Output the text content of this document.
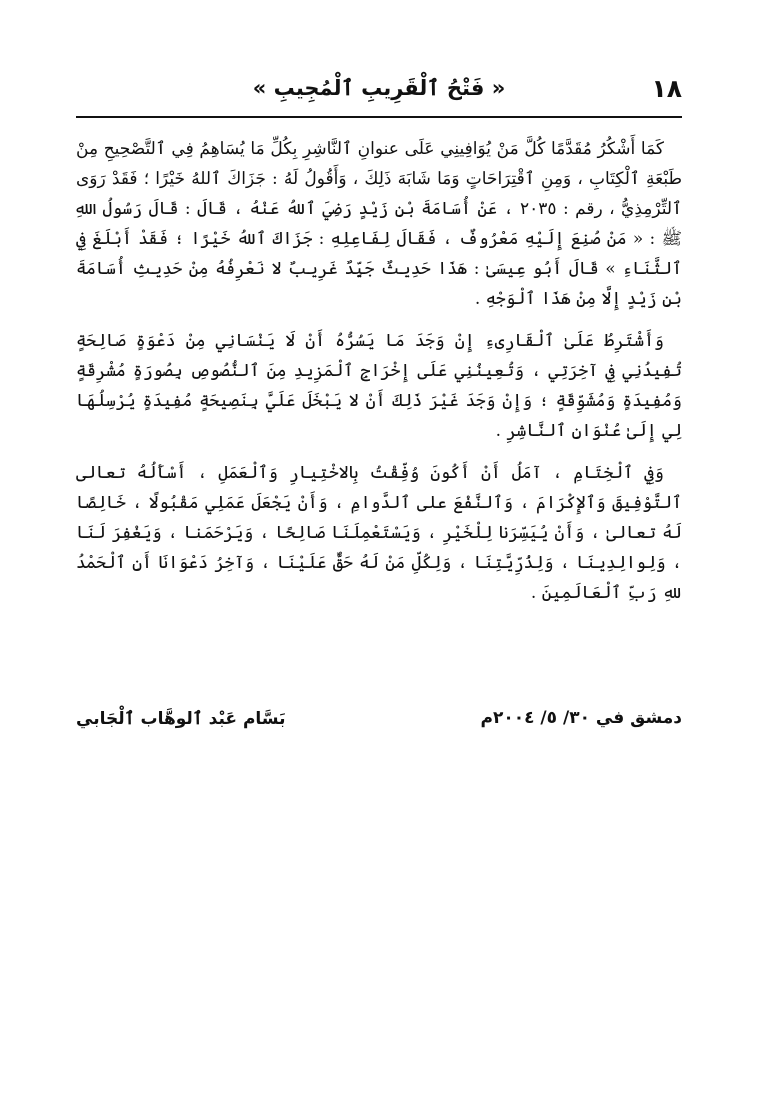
١٨
« فَتْحُ ٱلْقَرِيبِ ٱلْمُجِيبِ »

كَمَا أَشْكُرُ مُقَدَّمًا كُلَّ مَنْ يُوَافِينِي عَلَى عنوانِ ٱلنَّاشِرِ بِكُلِّ مَا يُسَاهِمُ فِي ٱلتَّصْحِيحِ مِنْ طَبْعَةِ ٱلْكِتَابِ ، وَمِنِ ٱقْتِرَاحَاتٍ وَمَا شَابَهَ ذَلِكَ ، وَأَقُولُ لَهُ : جَزَاكَ ٱللهُ خَيْرًا ؛ فَقَدْ رَوَى ٱلتِّرْمِذِيُّ ، رقم : ٢٠٣٥ ، عَنْ أُسَامَةَ بْنِ زَيْدٍ رَضِيَ ٱللهُ عَنْهُ ، قَالَ : قَالَ رَسُولُ اللهِ ﷺ : « مَنْ صُنِعَ إِلَيْهِ مَعْرُوفٌ ، فَقَالَ لِفَاعِلِهِ : جَزَاكَ ٱللهُ خَيْرًا ؛ فَقَدْ أَبْلَغَ فِي ٱلثَّنَاءِ » قَالَ أَبُو عِيسَىٰ : هَذَا حَدِيثٌ جَيِّدٌ غَرِيبٌ لا نَعْرِفُهُ مِنْ حَدِيثِ أُسَامَةَ بْنِ زَيْدٍ إِلَّا مِنْ هَذَا ٱلْوَجْهِ .

وَأَشْتَرِطُ عَلَىٰ ٱلْقَارِىءِ إِنْ وَجَدَ مَا يَسُرُّهُ أَنْ لَا يَنْسَانِي مِنْ دَعْوَةٍ صَالِحَةٍ تُفِيدُنِي فِي آخِرَتِي ، وَتُعِينُنِي عَلَى إِخْرَاجِ ٱلْمَزِيدِ مِنَ ٱلنُّصُوصِ بِصُورَةٍ مُشْرِقَةٍ وَمُفِيدَةٍ وَمُشَوِّقَةٍ ؛ وَإِنْ وَجَدَ غَيْرَ ذَلِكَ أَنْ لا يَبْخَلَ عَلَيَّ بِنَصِيحَةٍ مُفِيدَةٍ يُرْسِلُهَا لِي إِلَىٰ عُنْوَانِ ٱلنَّاشِرِ .

وَفِي ٱلْخِتَامِ ، آمَلُ أَنْ أَكُونَ وُفِّقْتُ بِالاخْتِيارِ وَٱلْعَمَلِ ، أَسْأَلُهُ تعالى ٱلتَّوْفِيقَ وَٱلإِكْرَامَ ، وَٱلنَّفْعَ على ٱلدَّوامِ ، وَأَنْ يَجْعَلَ عَمَلِي مَقْبُولًا ، خَالِصًا لَهُ تعالىٰ ، وَأَنْ يُيَسِّرَنا لِلْخَيْرِ ، وَيَسْتَعْمِلَنَا صَالِحًا ، وَيَرْحَمَنا ، وَيَغْفِرَ لَنَا ، وَلِوالِدِينَا ، وَلِذُرِّيَّتِنَا ، وَلِكُلِّ مَنْ لَهُ حَقٌّ عَلَيْنَا ، وَآخِرُ دَعْوَانَا أَنِ ٱلْحَمْدُ للهِ رَبِّ ٱلْعَالَمِينَ .

دمشق في ٣٠/ ٥/ ٢٠٠٤م
بَسَّام عَبْد ٱلوهَّاب ٱلْجَابي
